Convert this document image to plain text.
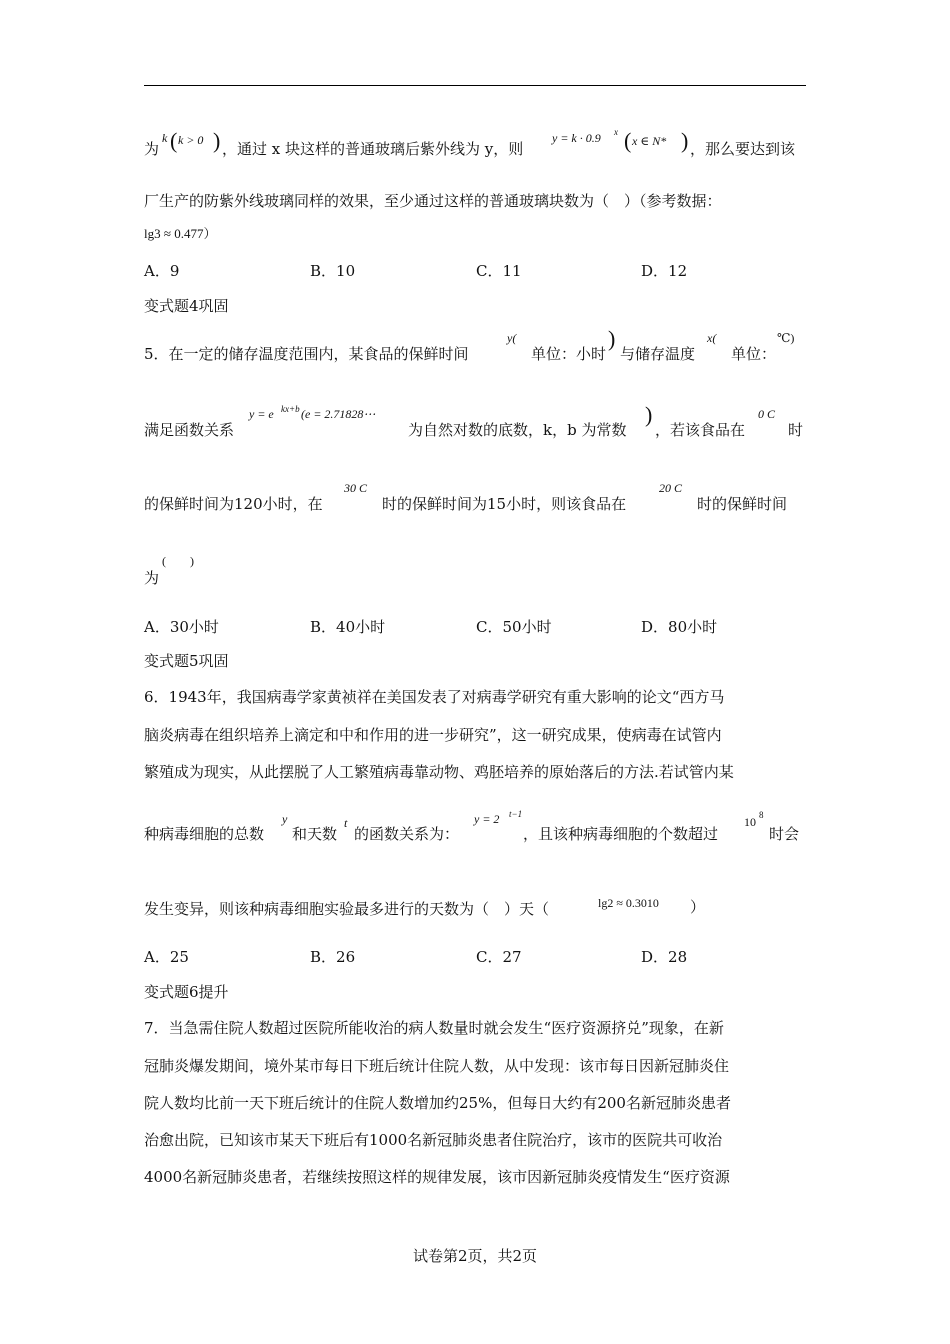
为
k ( k > 0 ) ，通过 x 块这样的普通玻璃后紫外线为 y，则
y = k · 0.9 x ( x ∈ N* ) ，那么要达到该
厂生产的防紫外线玻璃同样的效果，至少通过这样的普通玻璃块数为（　）（参考数据：
lg3 ≈ 0.477）
A．9	B．10	C．11	D．12
变式题4巩固
5．在一定的储存温度范围内，某食品的保鲜时间
y(
单位：小时
)
与储存温度
x(
单位：
℃)
满足函数关系
y = e kx+b (e = 2.71828⋯
为自然对数的底数，k，b 为常数
)
，若该食品在
0 C
时
的保鲜时间为120小时，在
30 C
时的保鲜时间为15小时，则该食品在
20 C
时的保鲜时间
(　　)
为
A．30小时	B．40小时	C．50小时	D．80小时
变式题5巩固
6．1943年，我国病毒学家黄祯祥在美国发表了对病毒学研究有重大影响的论文“西方马
脑炎病毒在组织培养上滴定和中和作用的进一步研究”，这一研究成果，使病毒在试管内
繁殖成为现实，从此摆脱了人工繁殖病毒靠动物、鸡胚培养的原始落后的方法.若试管内某
种病毒细胞的总数
y
和天数
t
的函数关系为：
y = 2 t−1
，且该种病毒细胞的个数超过
10 8
时会
发生变异，则该种病毒细胞实验最多进行的天数为（　）天（	lg2 ≈ 0.3010 ）
A．25	B．26	C．27	D．28
变式题6提升
7．当急需住院人数超过医院所能收治的病人数量时就会发生“医疗资源挤兑”现象，在新
冠肺炎爆发期间，境外某市每日下班后统计住院人数，从中发现：该市每日因新冠肺炎住
院人数均比前一天下班后统计的住院人数增加约25%，但每日大约有200名新冠肺炎患者
治愈出院，已知该市某天下班后有1000名新冠肺炎患者住院治疗，该市的医院共可收治
4000名新冠肺炎患者，若继续按照这样的规律发展，该市因新冠肺炎疫情发生“医疗资源
试卷第2页，共2页
